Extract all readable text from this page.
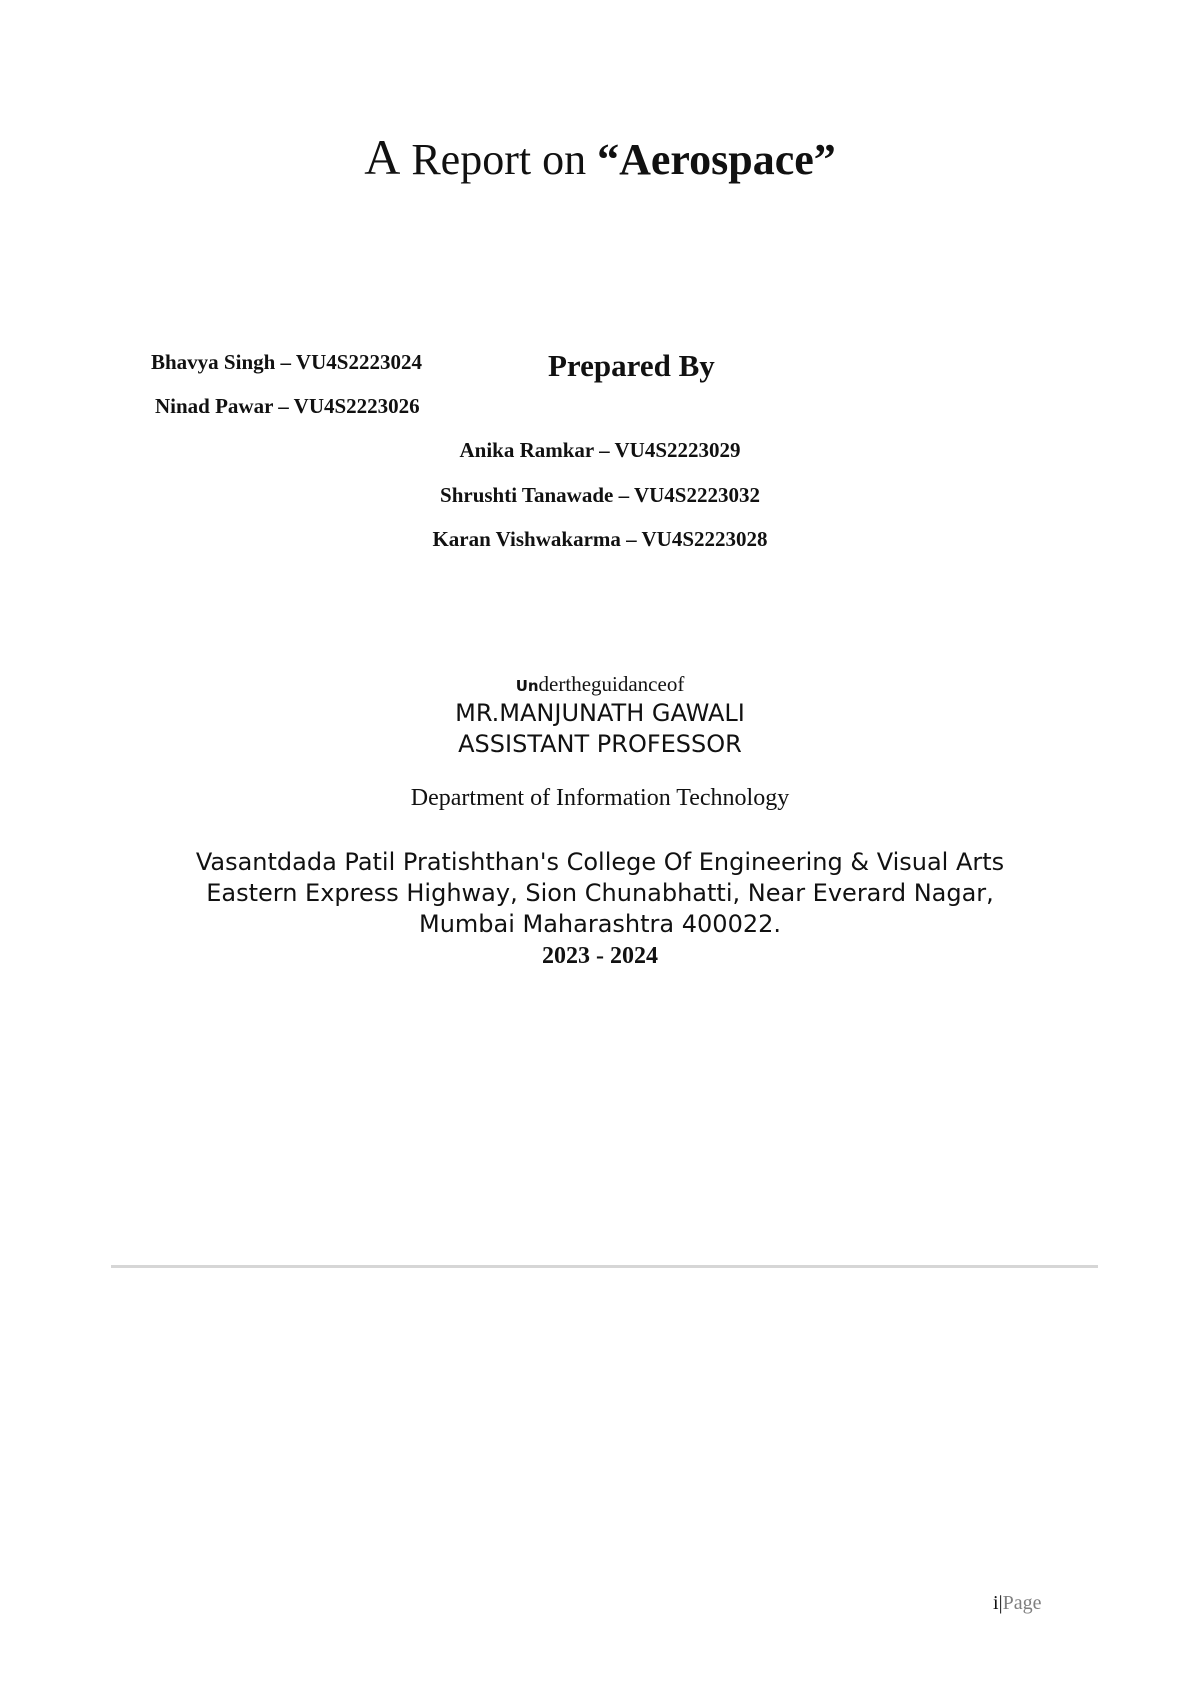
A Report on “Aerospace”
Prepared By
Bhavya Singh – VU4S2223024
Ninad Pawar – VU4S2223026
Anika Ramkar – VU4S2223029
Shrushti Tanawade – VU4S2223032
Karan Vishwakarma – VU4S2223028
Undertheguidanceof
MR.MANJUNATH GAWALI
ASSISTANT PROFESSOR
Department of Information Technology
Vasantdada Patil Pratishthan's College Of Engineering & Visual Arts
Eastern Express Highway, Sion Chunabhatti, Near Everard Nagar,
Mumbai Maharashtra 400022.
2023 - 2024
i|Page
